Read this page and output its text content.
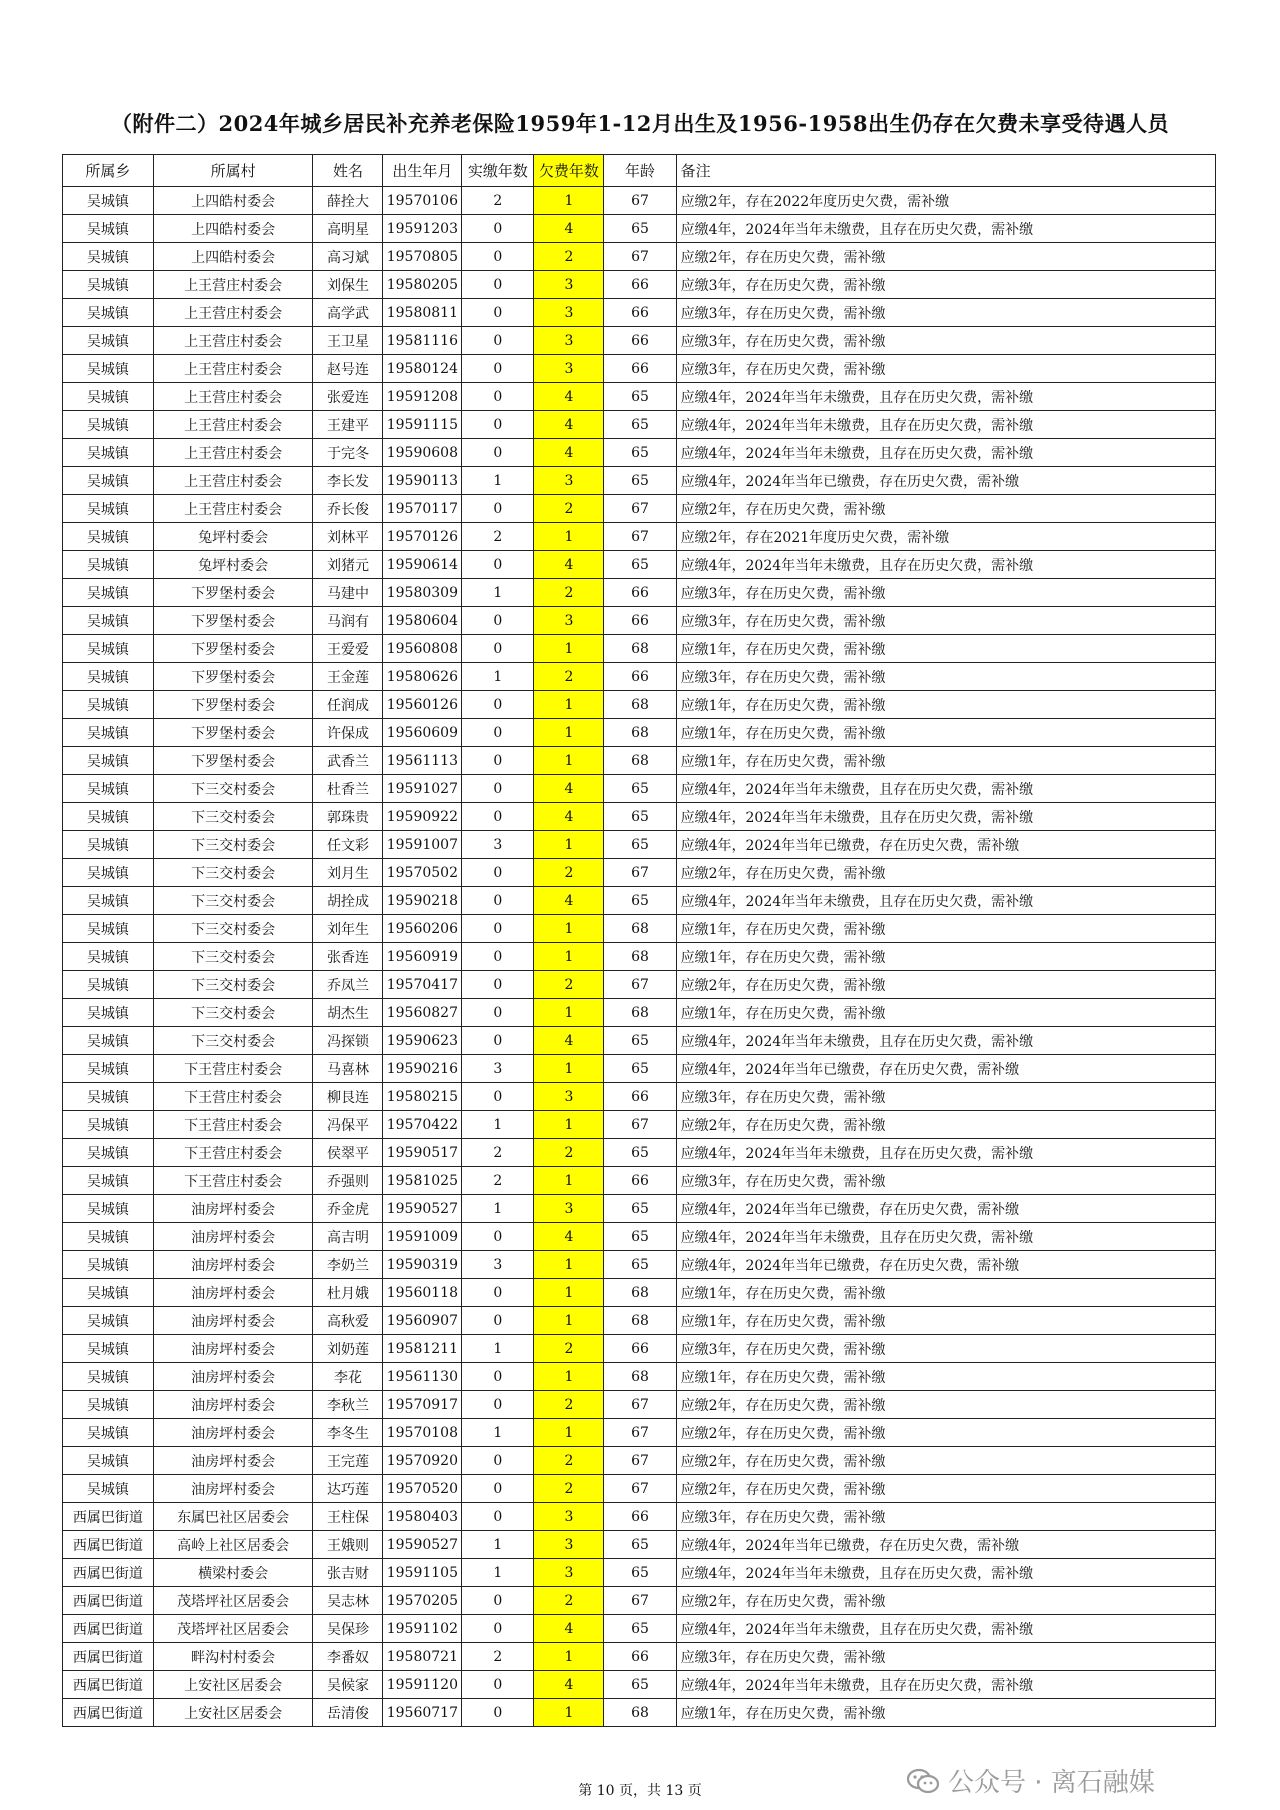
（附件二）2024年城乡居民补充养老保险1959年1-12月出生及1956-1958出生仍存在欠费未享受待遇人员
所属乡	所属村	姓名	出生年月	实缴年数	欠费年数	年龄	备注
吴城镇	上四皓村委会	薛拴大	19570106	2	1	67	应缴2年，存在2022年度历史欠费，需补缴
吴城镇	上四皓村委会	高明星	19591203	0	4	65	应缴4年，2024年当年未缴费，且存在历史欠费，需补缴
吴城镇	上四皓村委会	高习斌	19570805	0	2	67	应缴2年，存在历史欠费，需补缴
吴城镇	上王营庄村委会	刘保生	19580205	0	3	66	应缴3年，存在历史欠费，需补缴
吴城镇	上王营庄村委会	高学武	19580811	0	3	66	应缴3年，存在历史欠费，需补缴
吴城镇	上王营庄村委会	王卫星	19581116	0	3	66	应缴3年，存在历史欠费，需补缴
吴城镇	上王营庄村委会	赵号连	19580124	0	3	66	应缴3年，存在历史欠费，需补缴
吴城镇	上王营庄村委会	张爱连	19591208	0	4	65	应缴4年，2024年当年未缴费，且存在历史欠费，需补缴
吴城镇	上王营庄村委会	王建平	19591115	0	4	65	应缴4年，2024年当年未缴费，且存在历史欠费，需补缴
吴城镇	上王营庄村委会	于完冬	19590608	0	4	65	应缴4年，2024年当年未缴费，且存在历史欠费，需补缴
吴城镇	上王营庄村委会	李长发	19590113	1	3	65	应缴4年，2024年当年已缴费，存在历史欠费，需补缴
吴城镇	上王营庄村委会	乔长俊	19570117	0	2	67	应缴2年，存在历史欠费，需补缴
吴城镇	兔坪村委会	刘林平	19570126	2	1	67	应缴2年，存在2021年度历史欠费，需补缴
吴城镇	兔坪村委会	刘猪元	19590614	0	4	65	应缴4年，2024年当年未缴费，且存在历史欠费，需补缴
吴城镇	下罗堡村委会	马建中	19580309	1	2	66	应缴3年，存在历史欠费，需补缴
吴城镇	下罗堡村委会	马润有	19580604	0	3	66	应缴3年，存在历史欠费，需补缴
吴城镇	下罗堡村委会	王爱爱	19560808	0	1	68	应缴1年，存在历史欠费，需补缴
吴城镇	下罗堡村委会	王金莲	19580626	1	2	66	应缴3年，存在历史欠费，需补缴
吴城镇	下罗堡村委会	任润成	19560126	0	1	68	应缴1年，存在历史欠费，需补缴
吴城镇	下罗堡村委会	许保成	19560609	0	1	68	应缴1年，存在历史欠费，需补缴
吴城镇	下罗堡村委会	武香兰	19561113	0	1	68	应缴1年，存在历史欠费，需补缴
吴城镇	下三交村委会	杜香兰	19591027	0	4	65	应缴4年，2024年当年未缴费，且存在历史欠费，需补缴
吴城镇	下三交村委会	郭珠贵	19590922	0	4	65	应缴4年，2024年当年未缴费，且存在历史欠费，需补缴
吴城镇	下三交村委会	任文彩	19591007	3	1	65	应缴4年，2024年当年已缴费，存在历史欠费，需补缴
吴城镇	下三交村委会	刘月生	19570502	0	2	67	应缴2年，存在历史欠费，需补缴
吴城镇	下三交村委会	胡拴成	19590218	0	4	65	应缴4年，2024年当年未缴费，且存在历史欠费，需补缴
吴城镇	下三交村委会	刘年生	19560206	0	1	68	应缴1年，存在历史欠费，需补缴
吴城镇	下三交村委会	张香连	19560919	0	1	68	应缴1年，存在历史欠费，需补缴
吴城镇	下三交村委会	乔凤兰	19570417	0	2	67	应缴2年，存在历史欠费，需补缴
吴城镇	下三交村委会	胡杰生	19560827	0	1	68	应缴1年，存在历史欠费，需补缴
吴城镇	下三交村委会	冯探锁	19590623	0	4	65	应缴4年，2024年当年未缴费，且存在历史欠费，需补缴
吴城镇	下王营庄村委会	马喜林	19590216	3	1	65	应缴4年，2024年当年已缴费，存在历史欠费，需补缴
吴城镇	下王营庄村委会	柳艮连	19580215	0	3	66	应缴3年，存在历史欠费，需补缴
吴城镇	下王营庄村委会	冯保平	19570422	1	1	67	应缴2年，存在历史欠费，需补缴
吴城镇	下王营庄村委会	侯翠平	19590517	2	2	65	应缴4年，2024年当年未缴费，且存在历史欠费，需补缴
吴城镇	下王营庄村委会	乔强则	19581025	2	1	66	应缴3年，存在历史欠费，需补缴
吴城镇	油房坪村委会	乔金虎	19590527	1	3	65	应缴4年，2024年当年已缴费，存在历史欠费，需补缴
吴城镇	油房坪村委会	高吉明	19591009	0	4	65	应缴4年，2024年当年未缴费，且存在历史欠费，需补缴
吴城镇	油房坪村委会	李奶兰	19590319	3	1	65	应缴4年，2024年当年已缴费，存在历史欠费，需补缴
吴城镇	油房坪村委会	杜月娥	19560118	0	1	68	应缴1年，存在历史欠费，需补缴
吴城镇	油房坪村委会	高秋爱	19560907	0	1	68	应缴1年，存在历史欠费，需补缴
吴城镇	油房坪村委会	刘奶莲	19581211	1	2	66	应缴3年，存在历史欠费，需补缴
吴城镇	油房坪村委会	李花	19561130	0	1	68	应缴1年，存在历史欠费，需补缴
吴城镇	油房坪村委会	李秋兰	19570917	0	2	67	应缴2年，存在历史欠费，需补缴
吴城镇	油房坪村委会	李冬生	19570108	1	1	67	应缴2年，存在历史欠费，需补缴
吴城镇	油房坪村委会	王完莲	19570920	0	2	67	应缴2年，存在历史欠费，需补缴
吴城镇	油房坪村委会	达巧莲	19570520	0	2	67	应缴2年，存在历史欠费，需补缴
西属巴街道	东属巴社区居委会	王柱保	19580403	0	3	66	应缴3年，存在历史欠费，需补缴
西属巴街道	高岭上社区居委会	王娥则	19590527	1	3	65	应缴4年，2024年当年已缴费，存在历史欠费，需补缴
西属巴街道	横梁村委会	张吉财	19591105	1	3	65	应缴4年，2024年当年未缴费，且存在历史欠费，需补缴
西属巴街道	茂塔坪社区居委会	吴志林	19570205	0	2	67	应缴2年，存在历史欠费，需补缴
西属巴街道	茂塔坪社区居委会	吴保珍	19591102	0	4	65	应缴4年，2024年当年未缴费，且存在历史欠费，需补缴
西属巴街道	畔沟村村委会	李番奴	19580721	2	1	66	应缴3年，存在历史欠费，需补缴
西属巴街道	上安社区居委会	吴候家	19591120	0	4	65	应缴4年，2024年当年未缴费，且存在历史欠费，需补缴
西属巴街道	上安社区居委会	岳清俊	19560717	0	1	68	应缴1年，存在历史欠费，需补缴
第 10 页，共 13 页	公众号 · 离石融媒
